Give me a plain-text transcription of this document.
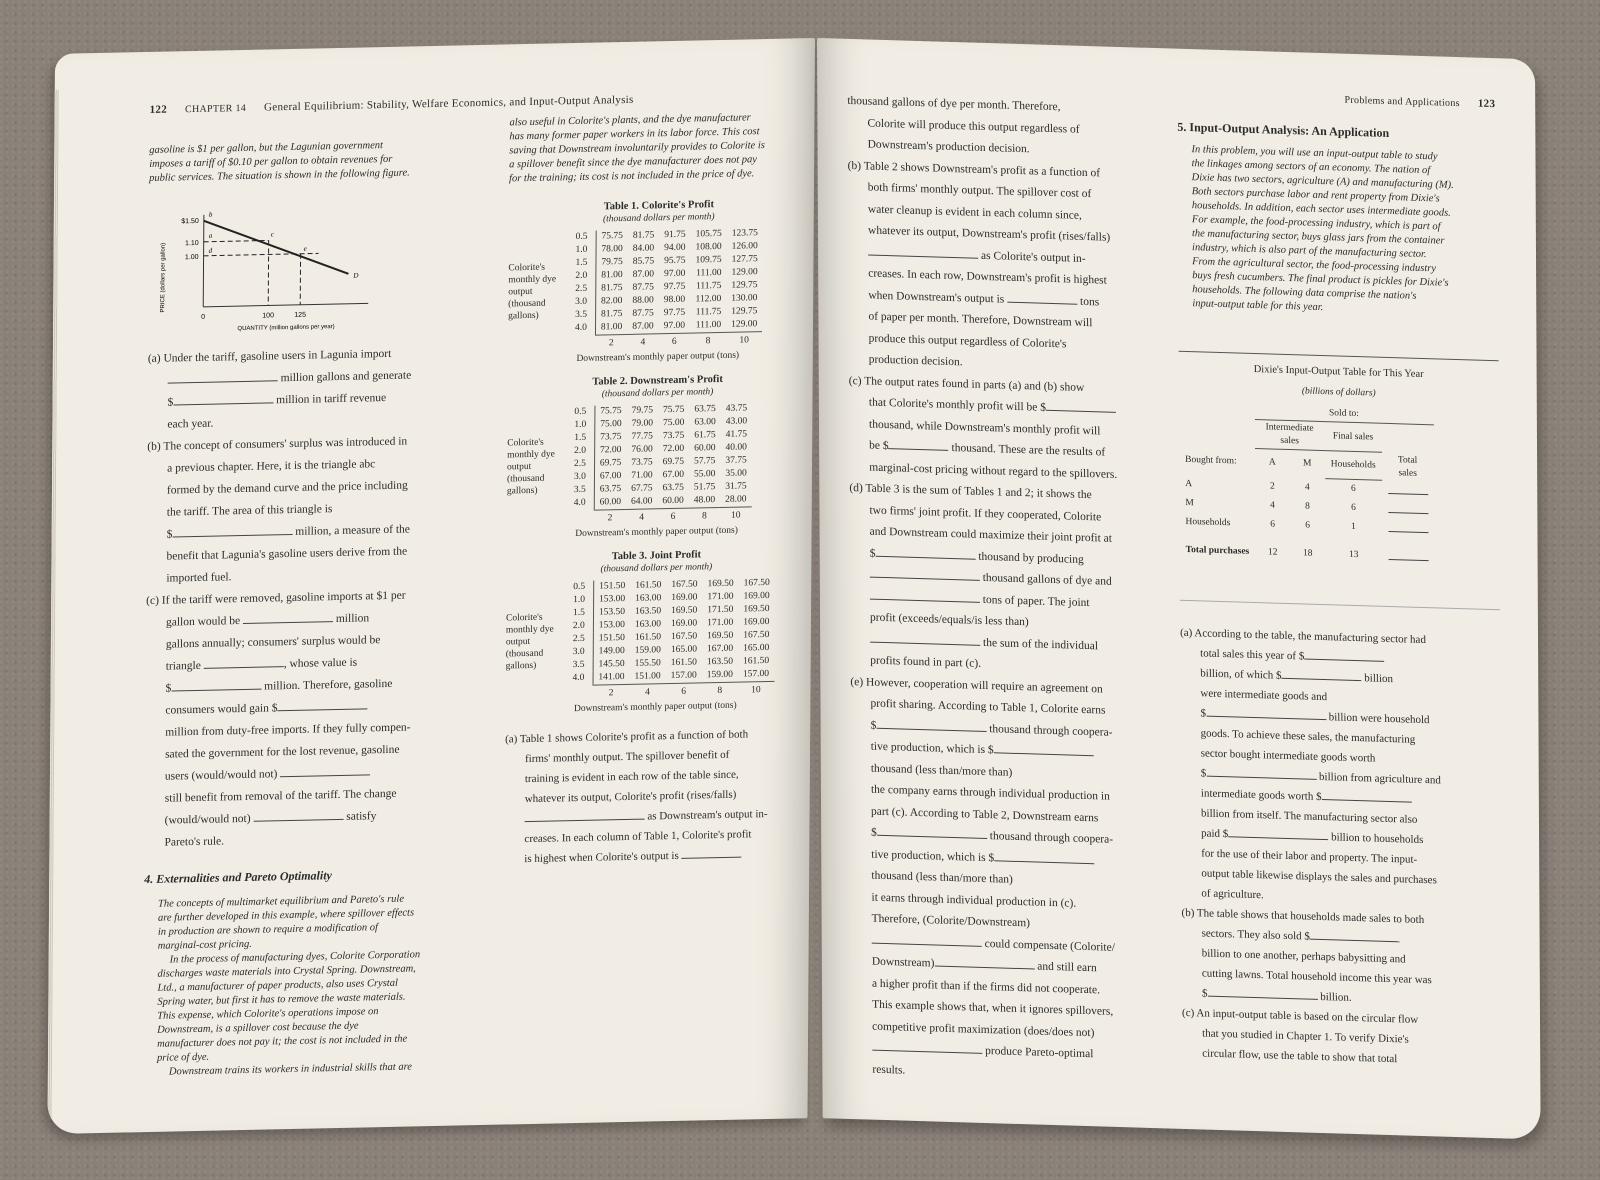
122 CHAPTER 14 General Equilibrium: Stability, Welfare Economics, and Input-Output Analysis
gasoline is $1 per gallon, but the Lagunian government
imposes a tariff of $0.10 per gallon to obtain revenues for
public services. The situation is shown in the following figure.
PRICE (dollars per gallon)
$1.50
1.10
1.00
b
a	c
d	e
D
0	100	125
QUANTITY (million gallons per year)
(a) Under the tariff, gasoline users in Lagunia import
million gallons and generate
$	million in tariff revenue
each year.
(b) The concept of consumers' surplus was introduced in
a previous chapter. Here, it is the triangle abc
formed by the demand curve and the price including
the tariff. The area of this triangle is
$	million, a measure of the
benefit that Lagunia's gasoline users derive from the
imported fuel.
(c) If the tariff were removed, gasoline imports at $1 per
gallon would be	million
gallons annually; consumers' surplus would be
triangle	, whose value is
$	million. Therefore, gasoline
consumers would gain $
million from duty-free imports. If they fully compen-
sated the government for the lost revenue, gasoline
users (would/would not)
still benefit from removal of the tariff. The change
(would/would not)	satisfy
Pareto's rule.
4. Externalities and Pareto Optimality
The concepts of multimarket equilibrium and Pareto's rule
are further developed in this example, where spillover effects
in production are shown to require a modification of
marginal-cost pricing.
In the process of manufacturing dyes, Colorite Corporation
discharges waste materials into Crystal Spring. Downstream,
Ltd., a manufacturer of paper products, also uses Crystal
Spring water, but first it has to remove the waste materials.
This expense, which Colorite's operations impose on
Downstream, is a spillover cost because the dye
manufacturer does not pay it; the cost is not included in the
price of dye.
Downstream trains its workers in industrial skills that are
also useful in Colorite's plants, and the dye manufacturer
has many former paper workers in its labor force. This cost
saving that Downstream involuntarily provides to Colorite is
a spillover benefit since the dye manufacturer does not pay
for the training; its cost is not included in the price of dye.
Table 1. Colorite's Profit
(thousand dollars per month)
Colorite's
monthly dye
output
(thousand
gallons)
0.5	75.75	81.75	91.75	105.75	123.75
1.0	78.00	84.00	94.00	108.00	126.00
1.5	79.75	85.75	95.75	109.75	127.75
2.0	81.00	87.00	97.00	111.00	129.00
2.5	81.75	87.75	97.75	111.75	129.75
3.0	82.00	88.00	98.00	112.00	130.00
3.5	81.75	87.75	97.75	111.75	129.75
4.0	81.00	87.00	97.00	111.00	129.00
	2	4	6	8	10
Downstream's monthly paper output (tons)
Table 2. Downstream's Profit
(thousand dollars per month)
Colorite's
monthly dye
output
(thousand
gallons)
0.5	75.75	79.75	75.75	63.75	43.75
1.0	75.00	79.00	75.00	63.00	43.00
1.5	73.75	77.75	73.75	61.75	41.75
2.0	72.00	76.00	72.00	60.00	40.00
2.5	69.75	73.75	69.75	57.75	37.75
3.0	67.00	71.00	67.00	55.00	35.00
3.5	63.75	67.75	63.75	51.75	31.75
4.0	60.00	64.00	60.00	48.00	28.00
	2	4	6	8	10
Downstream's monthly paper output (tons)
Table 3. Joint Profit
(thousand dollars per month)
Colorite's
monthly dye
output
(thousand
gallons)
0.5	151.50	161.50	167.50	169.50	167.50
1.0	153.00	163.00	169.00	171.00	169.00
1.5	153.50	163.50	169.50	171.50	169.50
2.0	153.00	163.00	169.00	171.00	169.00
2.5	151.50	161.50	167.50	169.50	167.50
3.0	149.00	159.00	165.00	167.00	165.00
3.5	145.50	155.50	161.50	163.50	161.50
4.0	141.00	151.00	157.00	159.00	157.00
	2	4	6	8	10
Downstream's monthly paper output (tons)
(a) Table 1 shows Colorite's profit as a function of both
firms' monthly output. The spillover benefit of
training is evident in each row of the table since,
whatever its output, Colorite's profit (rises/falls)
as Downstream's output in-
creases. In each column of Table 1, Colorite's profit
is highest when Colorite's output is
Problems and Applications 123
thousand gallons of dye per month. Therefore,
Colorite will produce this output regardless of
Downstream's production decision.
(b) Table 2 shows Downstream's profit as a function of
both firms' monthly output. The spillover cost of
water cleanup is evident in each column since,
whatever its output, Downstream's profit (rises/falls)
as Colorite's output in-
creases. In each row, Downstream's profit is highest
when Downstream's output is	tons
of paper per month. Therefore, Downstream will
produce this output regardless of Colorite's
production decision.
(c) The output rates found in parts (a) and (b) show
that Colorite's monthly profit will be $
thousand, while Downstream's monthly profit will
be $	thousand. These are the results of
marginal-cost pricing without regard to the spillovers.
(d) Table 3 is the sum of Tables 1 and 2; it shows the
two firms' joint profit. If they cooperated, Colorite
and Downstream could maximize their joint profit at
$	thousand by producing
thousand gallons of dye and
tons of paper. The joint
profit (exceeds/equals/is less than)
the sum of the individual
profits found in part (c).
(e) However, cooperation will require an agreement on
profit sharing. According to Table 1, Colorite earns
$	thousand through coopera-
tive production, which is $
thousand (less than/more than)
the company earns through individual production in
part (c). According to Table 2, Downstream earns
$	thousand through coopera-
tive production, which is $
thousand (less than/more than)
it earns through individual production in (c).
Therefore, (Colorite/Downstream)
could compensate (Colorite/
Downstream)	and still earn
a higher profit than if the firms did not cooperate.
This example shows that, when it ignores spillovers,
competitive profit maximization (does/does not)
produce Pareto-optimal
results.
5. Input-Output Analysis: An Application
In this problem, you will use an input-output table to study
the linkages among sectors of an economy. The nation of
Dixie has two sectors, agriculture (A) and manufacturing (M).
Both sectors purchase labor and rent property from Dixie's
households. In addition, each sector uses intermediate goods.
For example, the food-processing industry, which is part of
the manufacturing sector, buys glass jars from the container
industry, which is also part of the manufacturing sector.
From the agricultural sector, the food-processing industry
buys fresh cucumbers. The final product is pickles for Dixie's
households. The following data comprise the nation's
input-output table for this year.
Dixie's Input-Output Table for This Year
(billions of dollars)
	Sold to:			
	Intermediate sales		Final sales	
Bought from:	A	M	Households	Total sales
A	2	4	6	
M	4	8	6	
Households	6	6	1	
Total purchases	12	18	13	
(a) According to the table, the manufacturing sector had
total sales this year of $
billion, of which $	billion
were intermediate goods and
$	billion were household
goods. To achieve these sales, the manufacturing
sector bought intermediate goods worth
$	billion from agriculture and
intermediate goods worth $
billion from itself. The manufacturing sector also
paid $	billion to households
for the use of their labor and property. The input-
output table likewise displays the sales and purchases
of agriculture.
(b) The table shows that households made sales to both
sectors. They also sold $
billion to one another, perhaps babysitting and
cutting lawns. Total household income this year was
$	billion.
(c) An input-output table is based on the circular flow
that you studied in Chapter 1. To verify Dixie's
circular flow, use the table to show that total
